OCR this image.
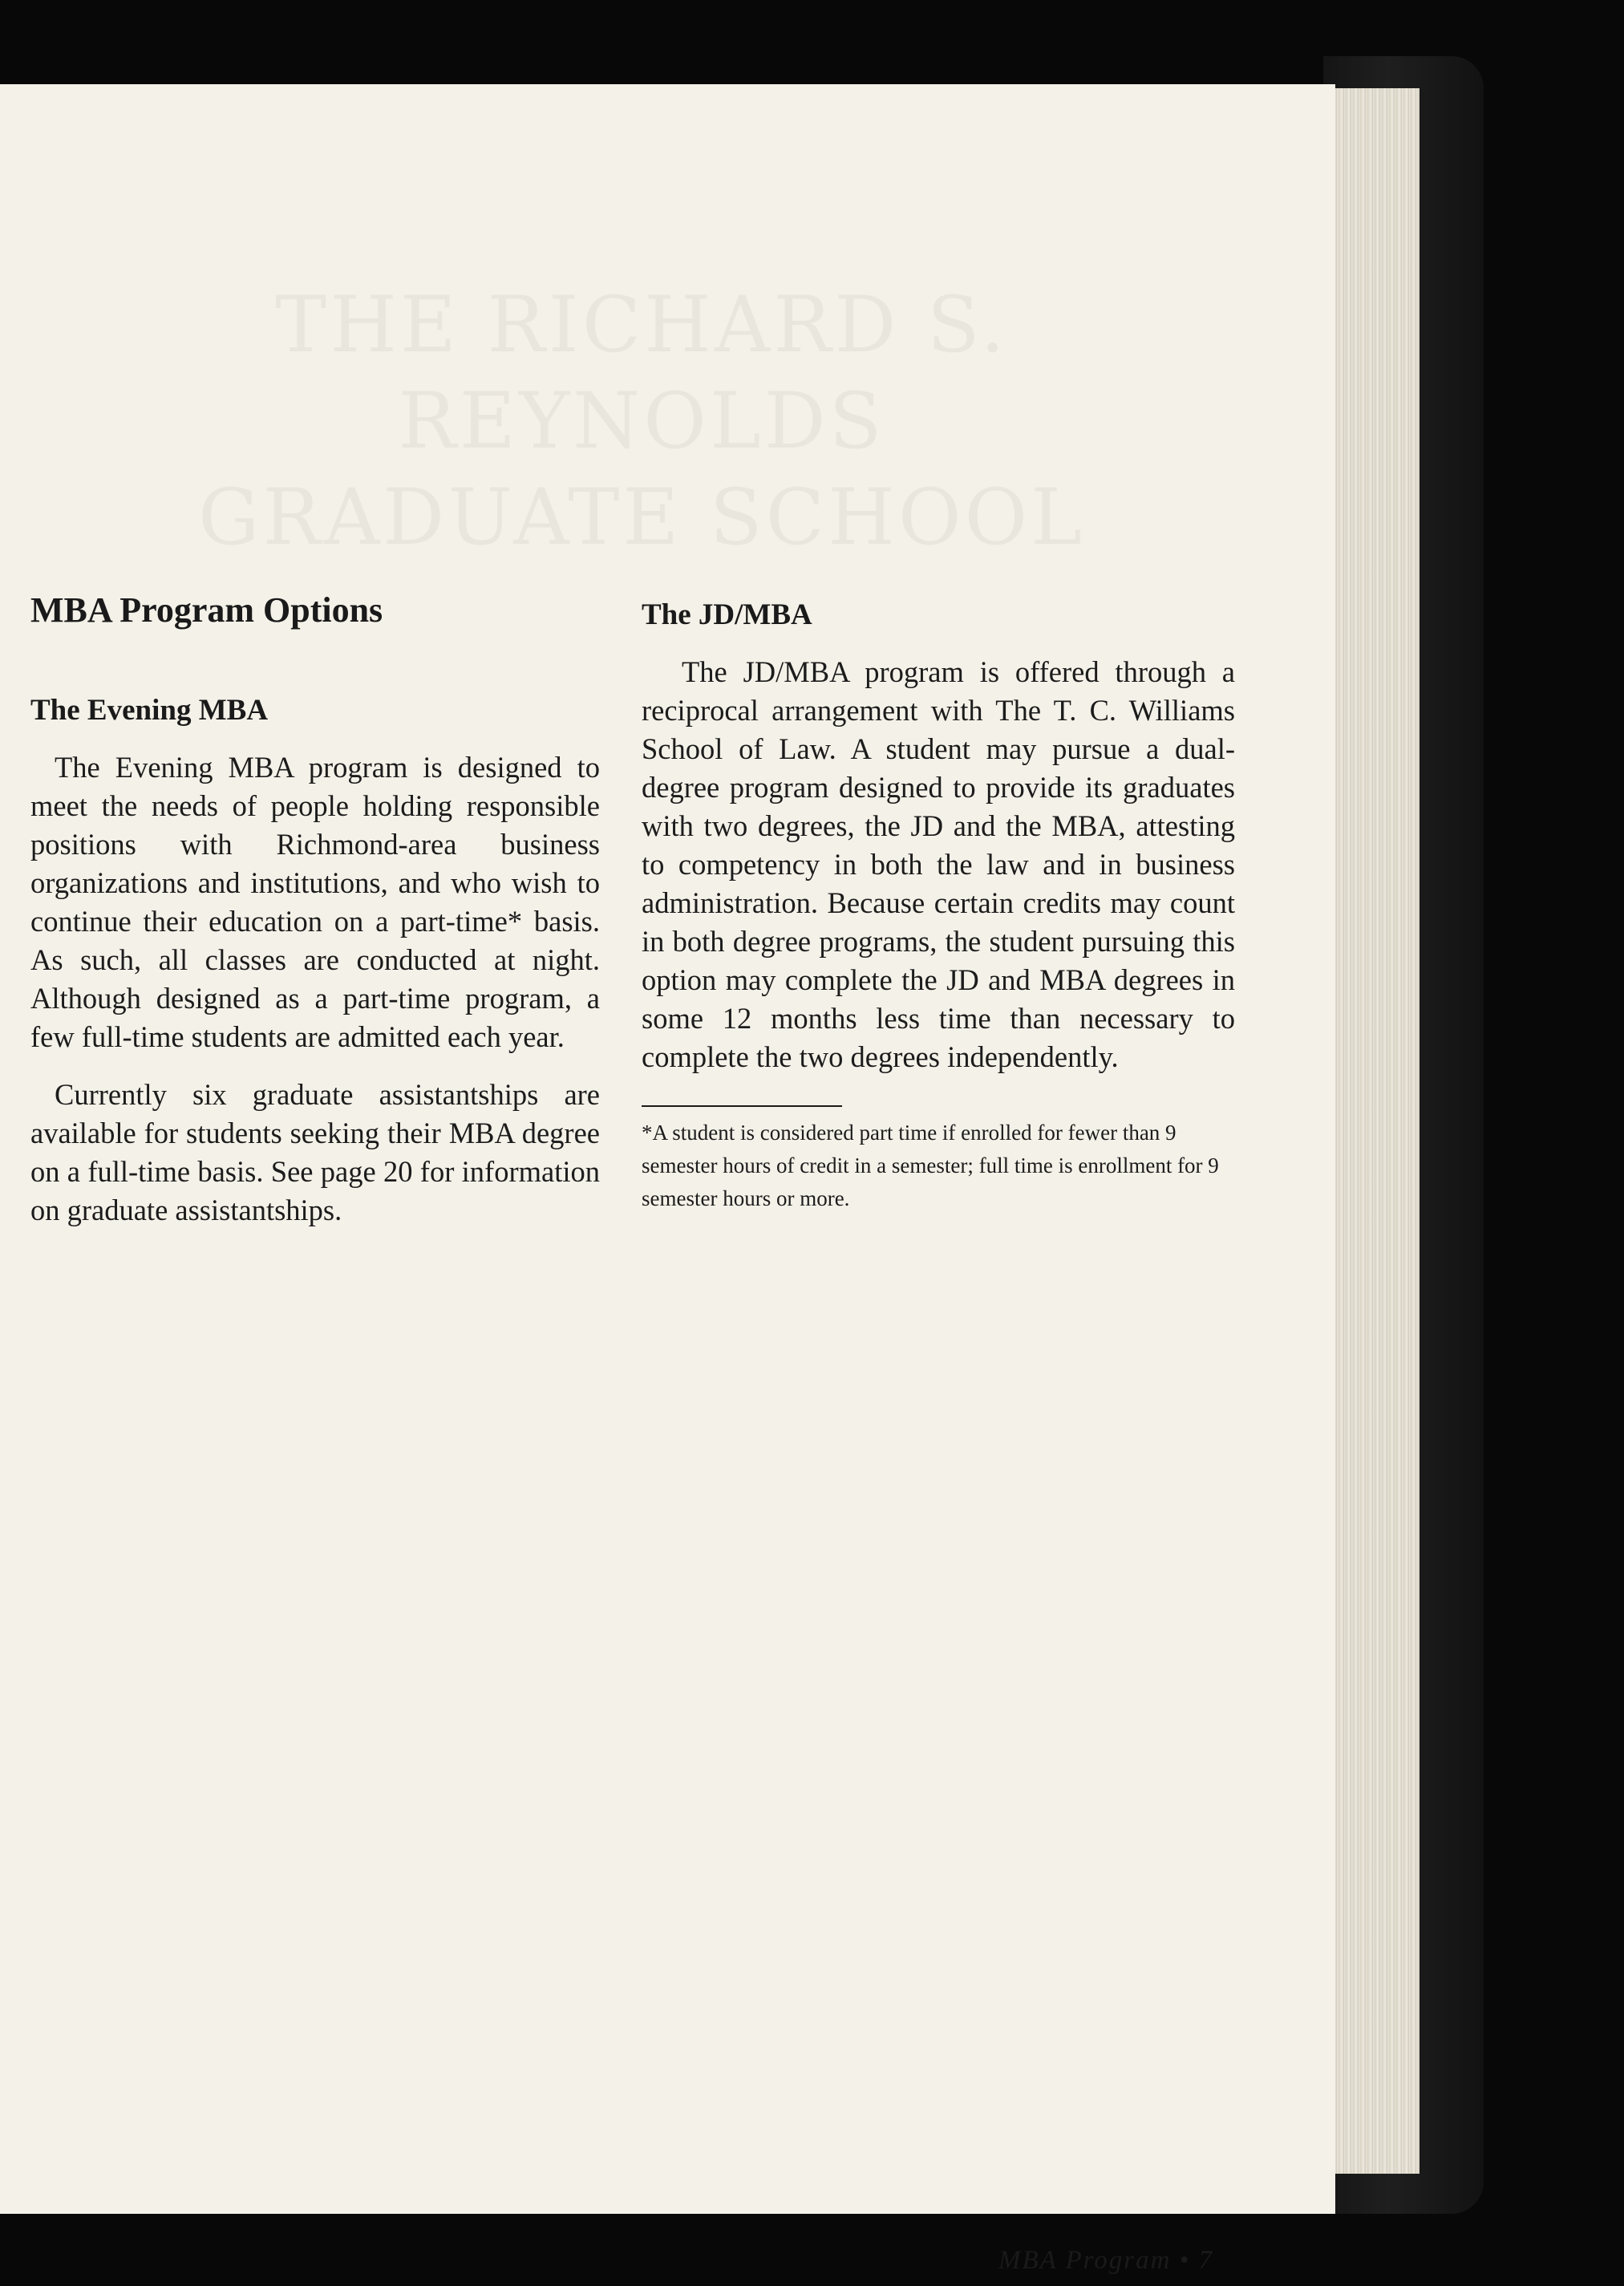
MBA Program Options
The Evening MBA

The Evening MBA program is designed to meet the needs of people holding responsible positions with Richmond-area business organizations and institutions, and who wish to continue their education on a part-time* basis. As such, all classes are conducted at night. Although designed as a part-time program, a few full-time students are admitted each year.

Currently six graduate assistantships are available for students seeking their MBA degree on a full-time basis. See page 20 for information on graduate assistantships.

The JD/MBA

The JD/MBA program is offered through a reciprocal arrangement with The T. C. Williams School of Law. A student may pursue a dual-degree program designed to provide its graduates with two degrees, the JD and the MBA, attesting to competency in both the law and in business administration. Because certain credits may count in both degree programs, the student pursuing this option may complete the JD and MBA degrees in some 12 months less time than necessary to complete the two degrees independently.

*A student is considered part time if enrolled for fewer than 9 semester hours of credit in a semester; full time is enrollment for 9 semester hours or more.

MBA Program • 7
